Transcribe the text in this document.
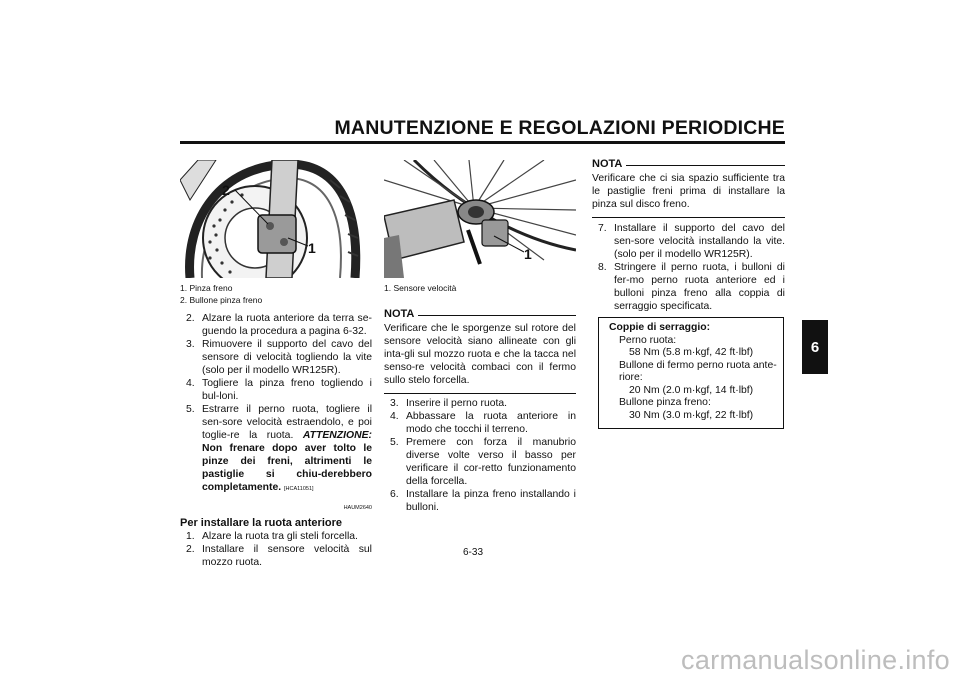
MANUTENZIONE E REGOLAZIONI PERIODICHE
6
2
1
1. Pinza freno
2. Bullone pinza freno
2. Alzare la ruota anteriore da terra se-guendo la procedura a pagina 6-32.
3. Rimuovere il supporto del cavo del sensore di velocità togliendo la vite (solo per il modello WR125R).
4. Togliere la pinza freno togliendo i bul-loni.
5. Estrarre il perno ruota, togliere il sen-sore velocità estraendolo, e poi toglie-re la ruota. ATTENZIONE: Non frenare dopo aver tolto le pinze dei freni, altrimenti le pastiglie si chiu-derebbero completamente. [HCA11051]
HAUM2640
Per installare la ruota anteriore
1. Alzare la ruota tra gli steli forcella.
2. Installare il sensore velocità sul mozzo ruota.
1
1. Sensore velocità
NOTA
Verificare che le sporgenze sul rotore del sensore velocità siano allineate con gli inta-gli sul mozzo ruota e che la tacca nel senso-re velocità combaci con il fermo sullo stelo forcella.
3. Inserire il perno ruota.
4. Abbassare la ruota anteriore in modo che tocchi il terreno.
5. Premere con forza il manubrio diverse volte verso il basso per verificare il cor-retto funzionamento della forcella.
6. Installare la pinza freno installando i bulloni.
NOTA
Verificare che ci sia spazio sufficiente tra le pastiglie freni prima di installare la pinza sul disco freno.
7. Installare il supporto del cavo del sen-sore velocità installando la vite. (solo per il modello WR125R).
8. Stringere il perno ruota, i bulloni di fer-mo perno ruota anteriore ed i bulloni pinza freno alla coppia di serraggio specificata.
Coppie di serraggio:
Perno ruota:
58 Nm (5.8 m·kgf, 42 ft·lbf)
Bullone di fermo perno ruota ante-riore:
20 Nm (2.0 m·kgf, 14 ft·lbf)
Bullone pinza freno:
30 Nm (3.0 m·kgf, 22 ft·lbf)
6-33
carmanualsonline.info
